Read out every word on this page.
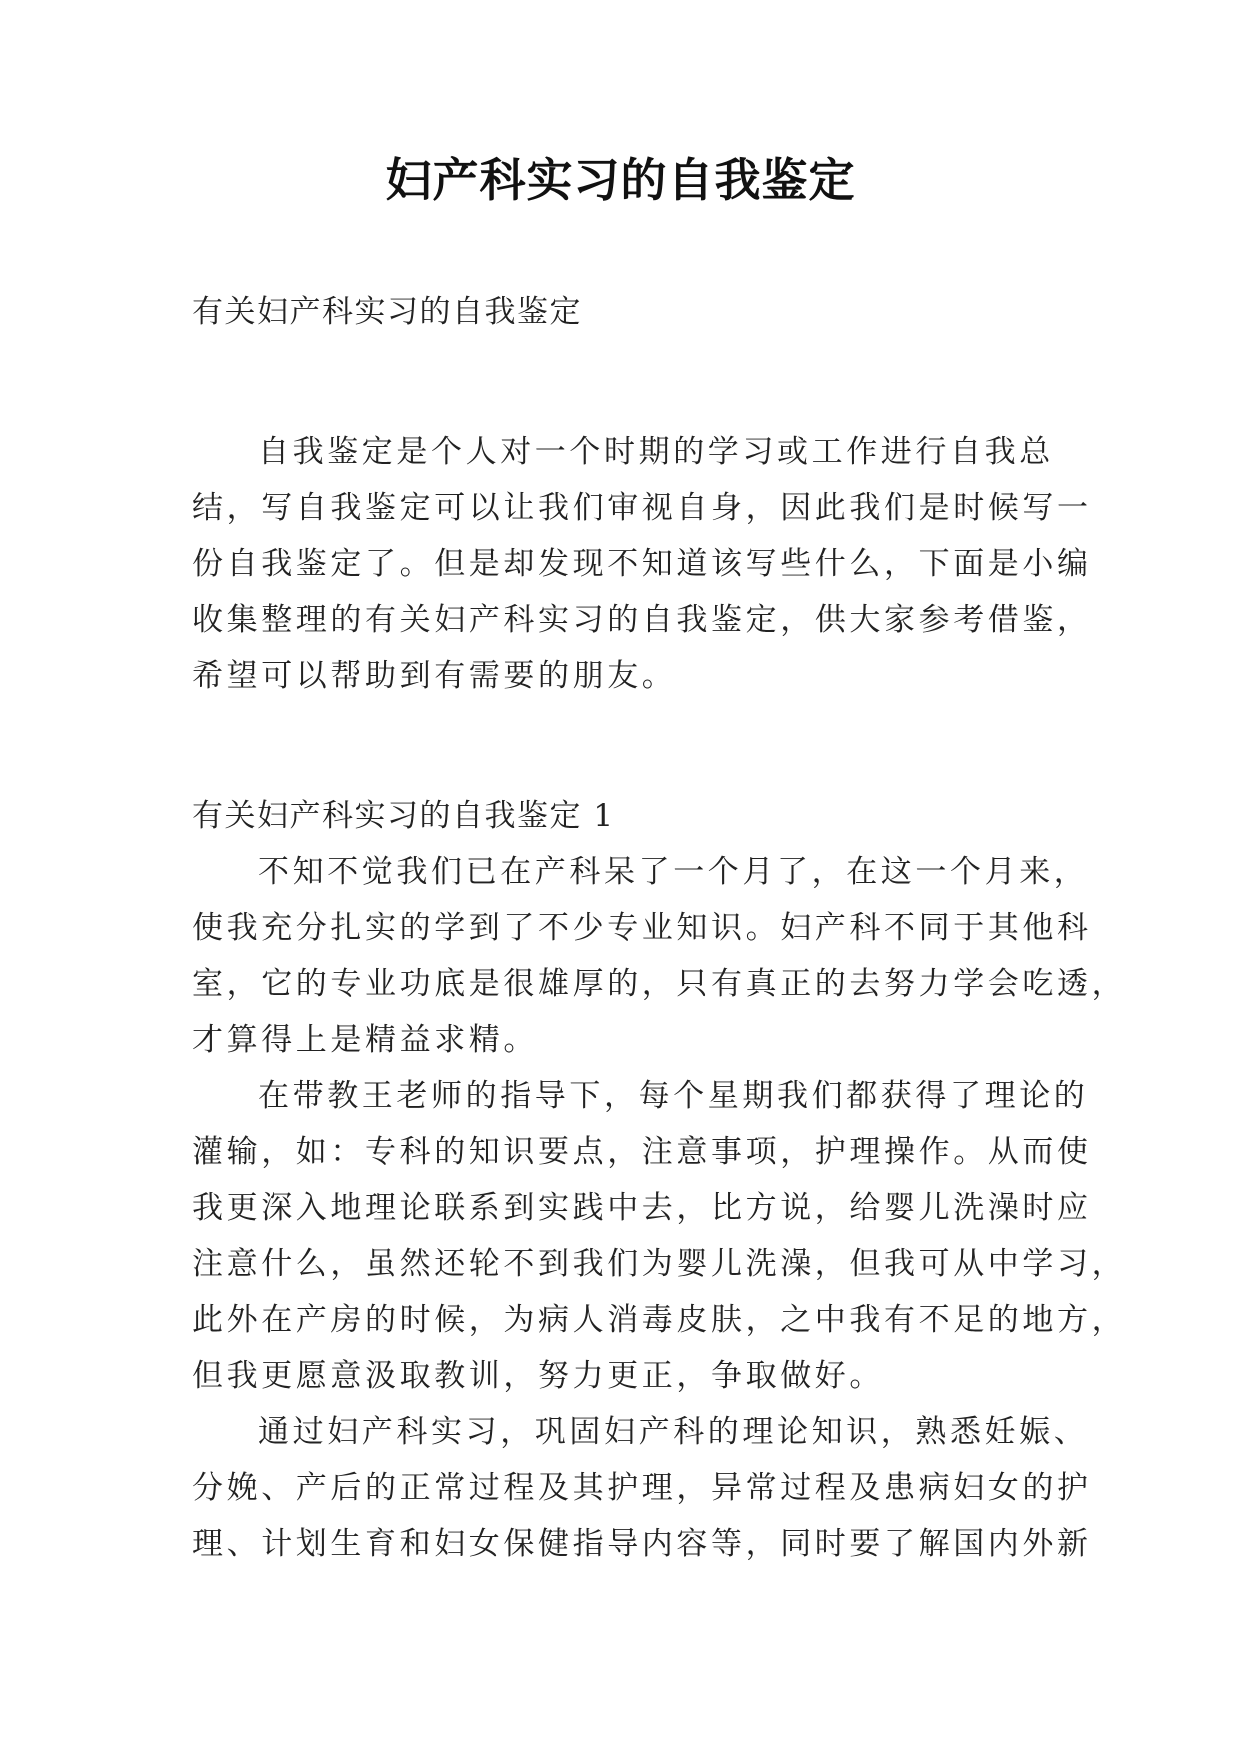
妇产科实习的自我鉴定
有关妇产科实习的自我鉴定
自我鉴定是个人对一个时期的学习或工作进行自我总
结，写自我鉴定可以让我们审视自身，因此我们是时候写一
份自我鉴定了。但是却发现不知道该写些什么，下面是小编
收集整理的有关妇产科实习的自我鉴定，供大家参考借鉴，
希望可以帮助到有需要的朋友。
有关妇产科实习的自我鉴定 1
不知不觉我们已在产科呆了一个月了，在这一个月来，
使我充分扎实的学到了不少专业知识。妇产科不同于其他科
室，它的专业功底是很雄厚的，只有真正的去努力学会吃透，
才算得上是精益求精。
在带教王老师的指导下，每个星期我们都获得了理论的
灌输，如：专科的知识要点，注意事项，护理操作。从而使
我更深入地理论联系到实践中去，比方说，给婴儿洗澡时应
注意什么，虽然还轮不到我们为婴儿洗澡，但我可从中学习，
此外在产房的时候，为病人消毒皮肤，之中我有不足的地方，
但我更愿意汲取教训，努力更正，争取做好。
通过妇产科实习，巩固妇产科的理论知识，熟悉妊娠、
分娩、产后的正常过程及其护理，异常过程及患病妇女的护
理、计划生育和妇女保健指导内容等，同时要了解国内外新
